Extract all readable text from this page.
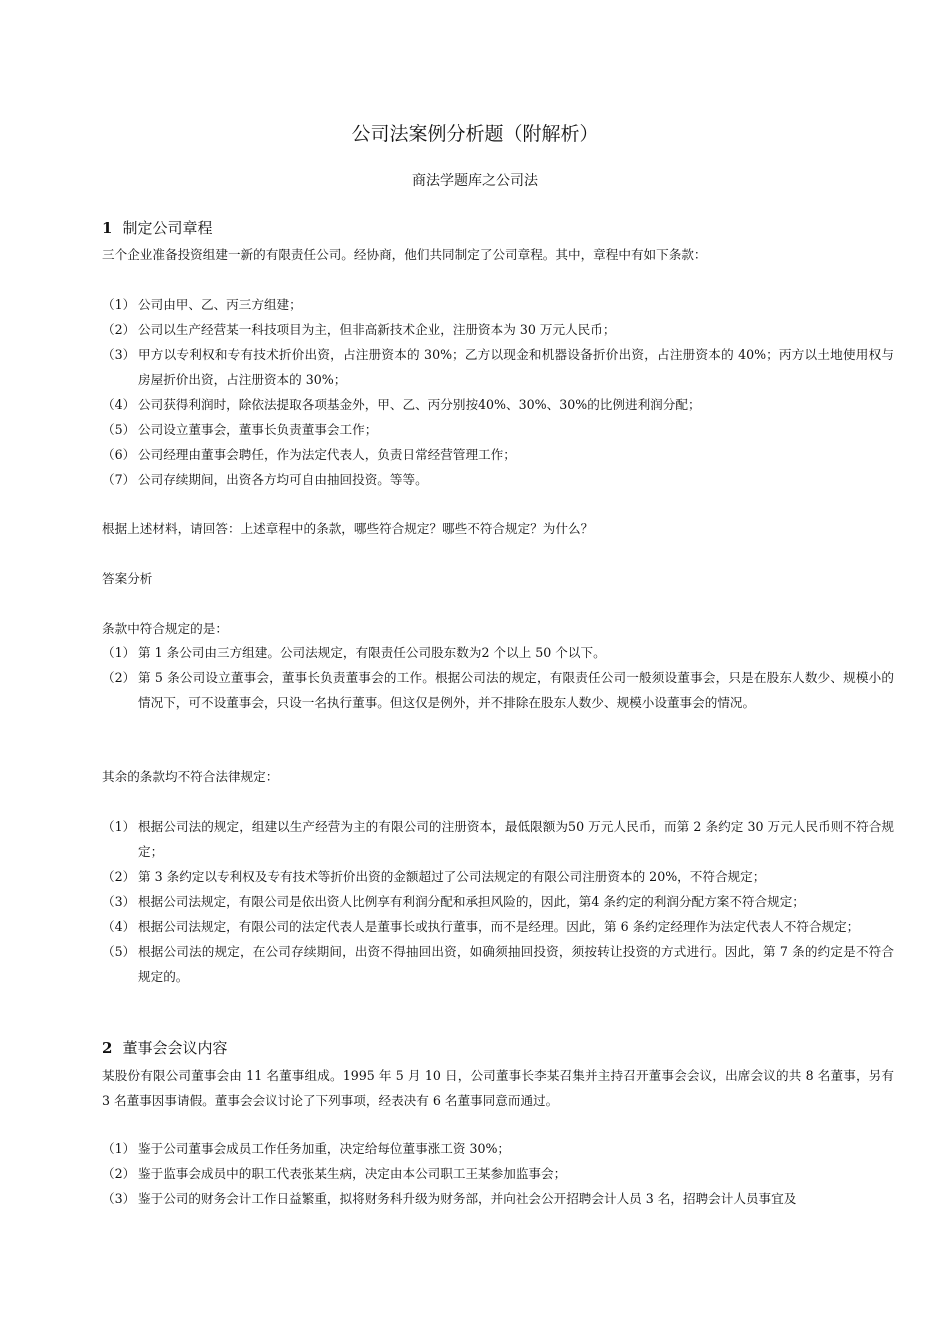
公司法案例分析题（附解析）
商法学题库之公司法
1 制定公司章程
三个企业准备投资组建一新的有限责任公司。经协商，他们共同制定了公司章程。其中，章程中有如下条款：
（1） 公司由甲、乙、丙三方组建；
（2） 公司以生产经营某一科技项目为主，但非高新技术企业，注册资本为 30 万元人民币；
（3） 甲方以专利权和专有技术折价出资，占注册资本的 30%；乙方以现金和机器设备折价出资，占注册资本的 40%；丙方以土地使用权与房屋折价出资，占注册资本的 30%；
（4） 公司获得利润时，除依法提取各项基金外，甲、乙、丙分别按40%、30%、30%的比例进利润分配；
（5） 公司设立董事会，董事长负责董事会工作；
（6） 公司经理由董事会聘任，作为法定代表人，负责日常经营管理工作；
（7） 公司存续期间，出资各方均可自由抽回投资。等等。
根据上述材料，请回答：上述章程中的条款，哪些符合规定？哪些不符合规定？为什么？
答案分析
条款中符合规定的是：
（1） 第 1 条公司由三方组建。公司法规定，有限责任公司股东数为2 个以上 50 个以下。
（2） 第 5 条公司设立董事会，董事长负责董事会的工作。根据公司法的规定，有限责任公司一般须设董事会，只是在股东人数少、规模小的情况下，可不设董事会，只设一名执行董事。但这仅是例外，并不排除在股东人数少、规模小设董事会的情况。
其余的条款均不符合法律规定：
（1） 根据公司法的规定，组建以生产经营为主的有限公司的注册资本，最低限额为50 万元人民币，而第 2 条约定 30 万元人民币则不符合规定；
（2） 第 3 条约定以专利权及专有技术等折价出资的金额超过了公司法规定的有限公司注册资本的 20%，不符合规定；
（3） 根据公司法规定，有限公司是依出资人比例享有利润分配和承担风险的，因此，第4 条约定的利润分配方案不符合规定；
（4） 根据公司法规定，有限公司的法定代表人是董事长或执行董事，而不是经理。因此，第 6 条约定经理作为法定代表人不符合规定；
（5） 根据公司法的规定，在公司存续期间，出资不得抽回出资，如确须抽回投资，须按转让投资的方式进行。因此，第 7 条的约定是不符合规定的。
2 董事会会议内容
某股份有限公司董事会由 11 名董事组成。1995 年 5 月 10 日，公司董事长李某召集并主持召开董事会会议，出席会议的共 8 名董事，另有 3 名董事因事请假。董事会会议讨论了下列事项，经表决有 6 名董事同意而通过。
（1） 鉴于公司董事会成员工作任务加重，决定给每位董事涨工资 30%；
（2） 鉴于监事会成员中的职工代表张某生病，决定由本公司职工王某参加监事会；
（3） 鉴于公司的财务会计工作日益繁重，拟将财务科升级为财务部，并向社会公开招聘会计人员 3 名，招聘会计人员事宜及
